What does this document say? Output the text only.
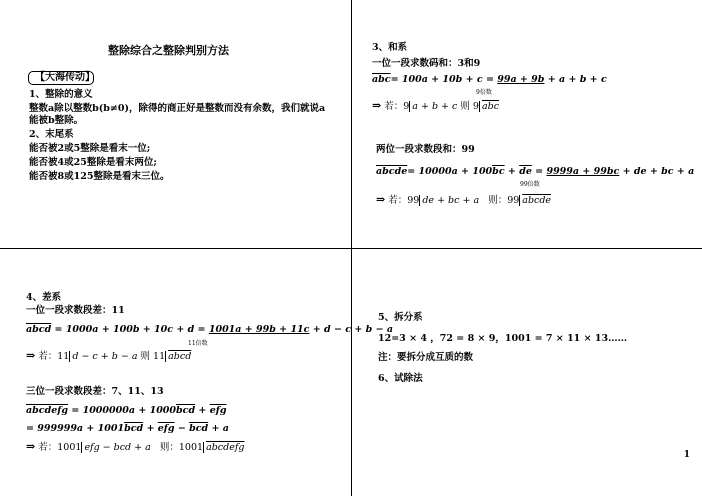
整除综合之整除判别方法
【大海传动】
1、整除的意义
整数a除以整数b(b≠0)，除得的商正好是整数而没有余数，我们就说a
能被b整除。
2、末尾系
能否被2或5整除是看末一位;
能否被4或25整除是看末两位;
能否被8或125整除是看末三位。
3、和系
一位一段求数码和：3和9
$\overline{abc}= 100a + 10b + c = 99a + 9b + a + b + c$
9倍数
⇒ 若：9 a + b + c 则 9 $\overline{abc}$
两位一段求数段和：99
abcde= $10000a + 100\overline{bc} + \overline{de} = 9999a + 99bc$ + de + bc + a
99倍数
⇒ 若：99 de + bc + a 则：99 abcde
4、差系
一位一段求数段差：11
abcd = 1000a + 100b + 10c + d = 1001a + 99b + 11c + d − c + b − a
11倍数
⇒ 若：11 d − c + b − a 则 11 abcd
三位一段求数段差：7、11、13
abcdefg = $1000000a + 1000\overline{bcd} + \overline{efg}$
= $999999a + 1001\overline{bcd} + \overline{efg} - \overline{bcd} + a$
⇒ 若：1001 efg − bcd + a 则：1001 abcdefg
5、拆分系
12=3 × 4 ，72 = 8 × 9，1001 = 7 × 11 × 13……
注：要拆分成互质的数
6、试除法
1
